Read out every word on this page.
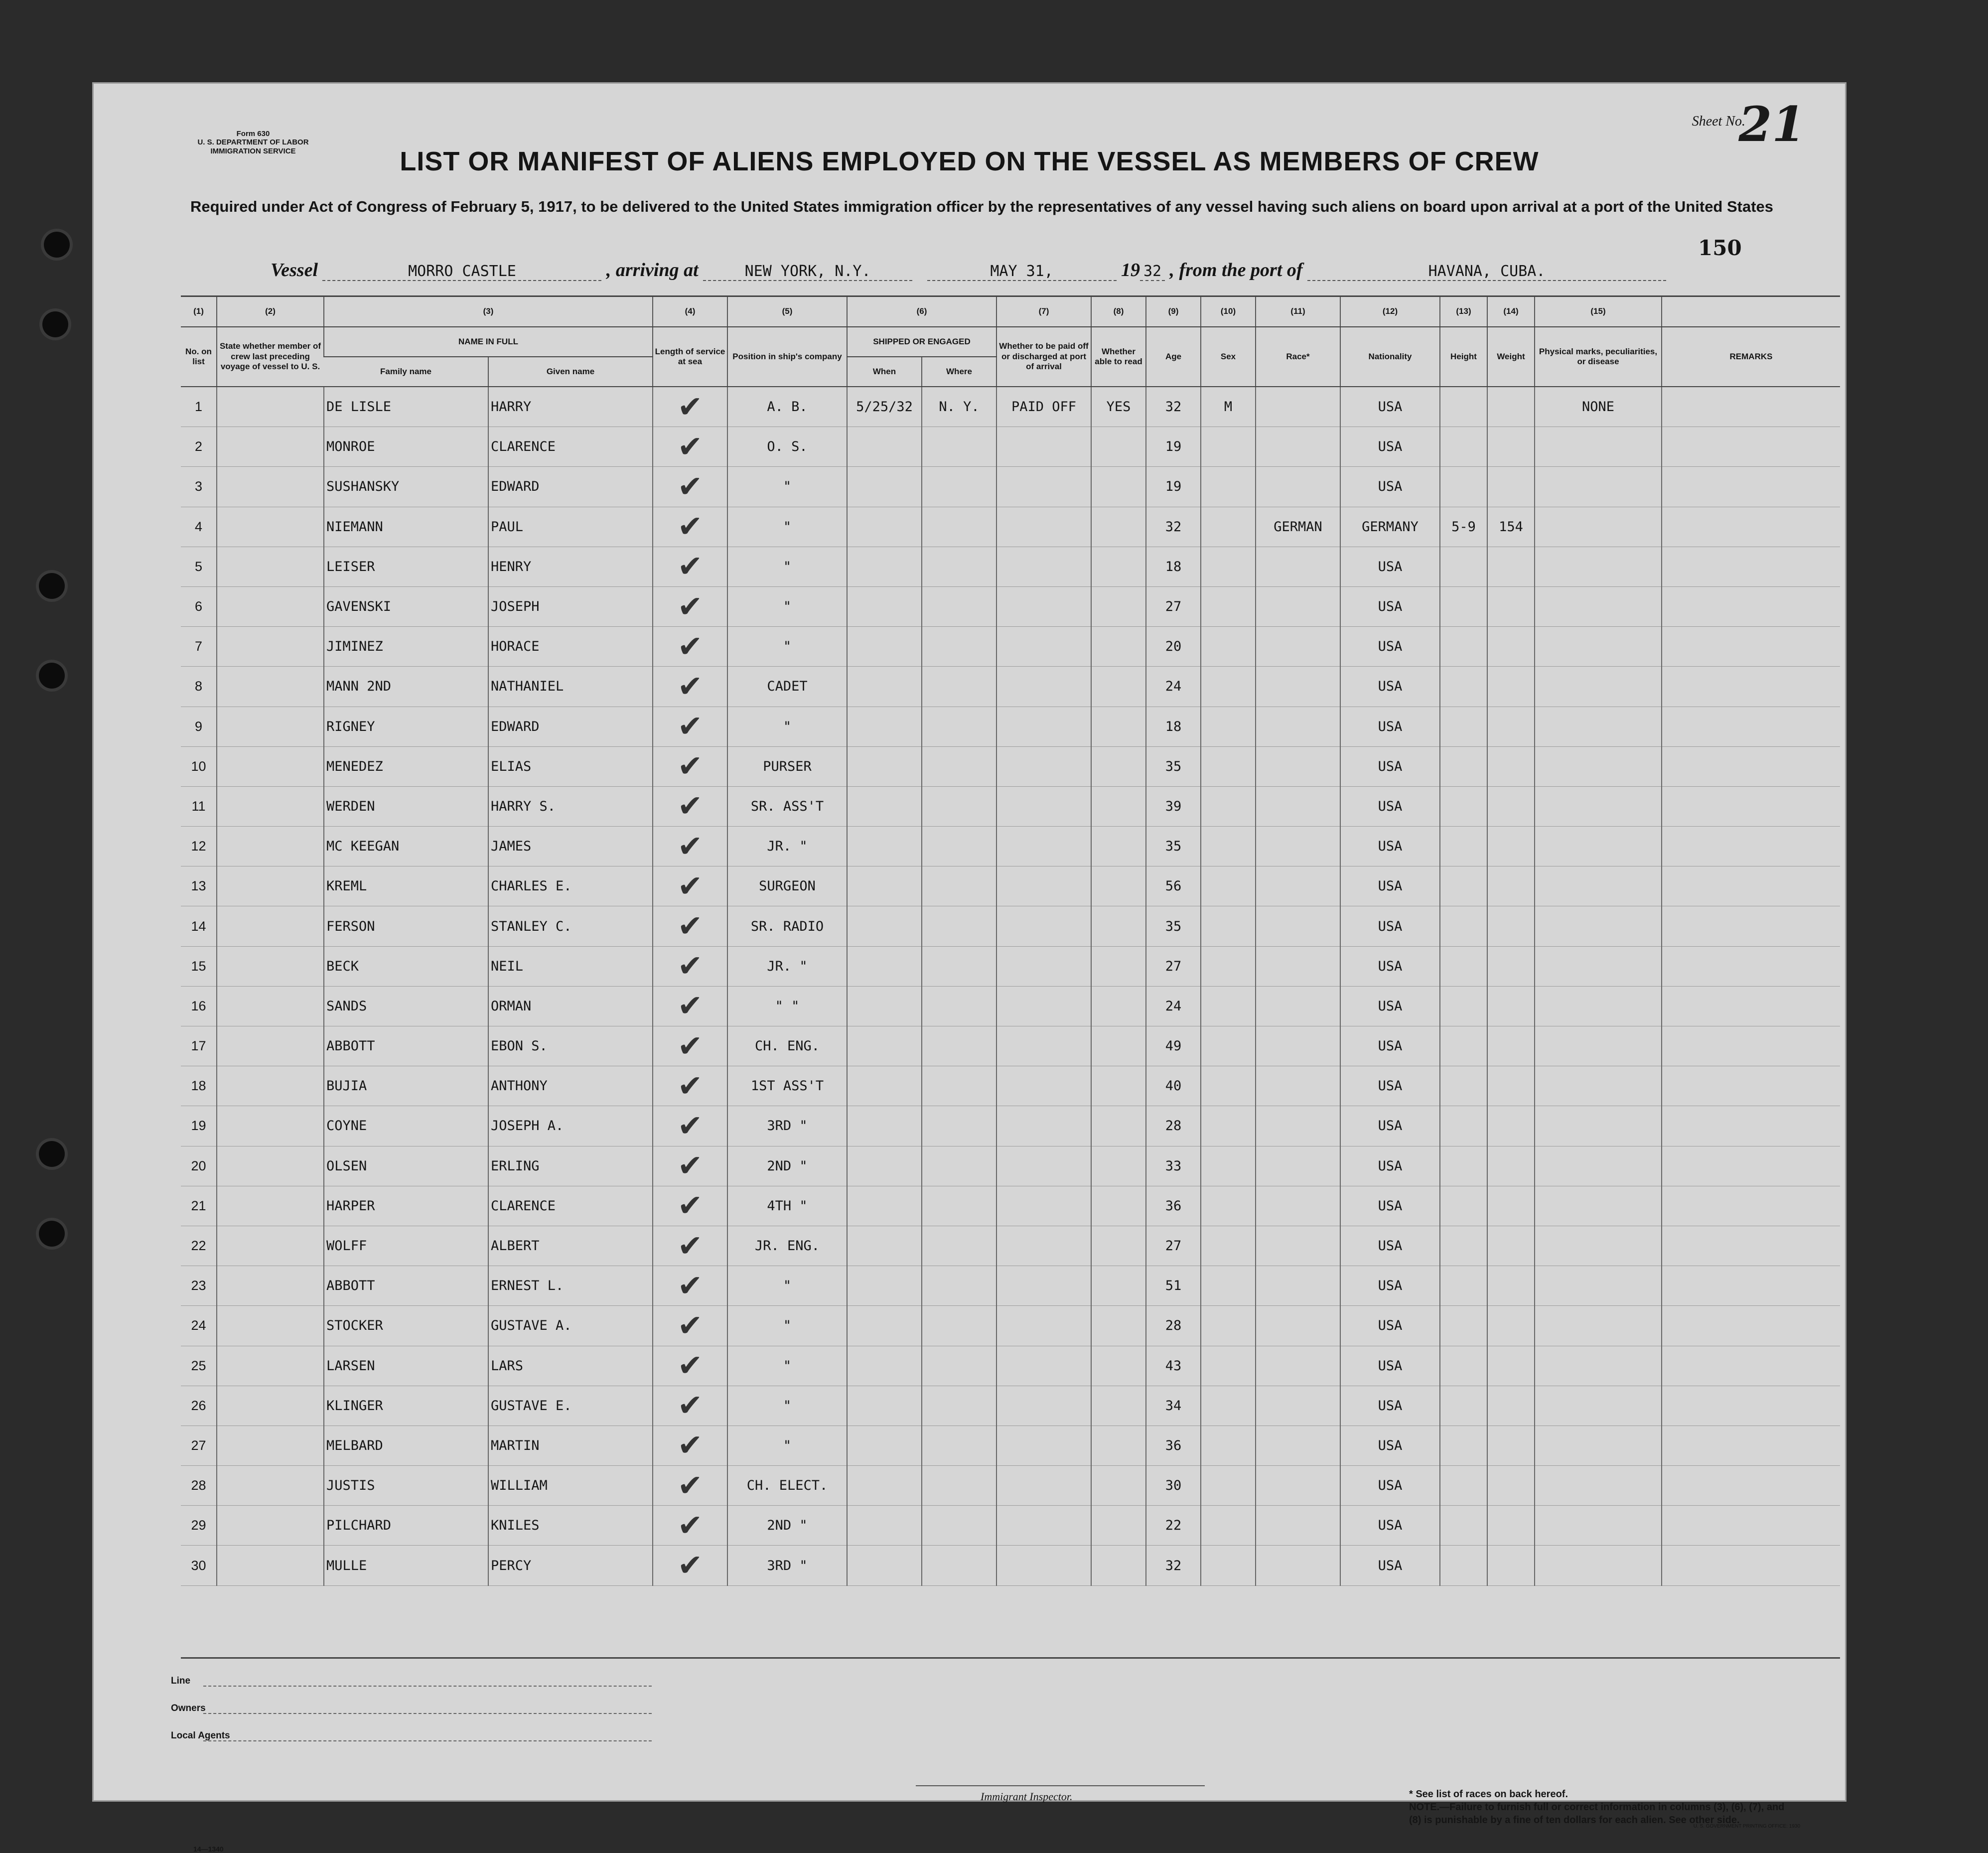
Form 630
U. S. DEPARTMENT OF LABOR
IMMIGRATION SERVICE
Sheet No.
21
LIST OR MANIFEST OF ALIENS EMPLOYED ON THE VESSEL AS MEMBERS OF CREW
Required under Act of Congress of February 5, 1917, to be delivered to the United States immigration officer by the representatives of any vessel having such aliens on board upon arrival at a port of the United States
150
Vessel	MORRO CASTLE	, arriving at	NEW YORK, N.Y.	MAY 31,	19 32 , from the port of	HAVANA, CUBA.
(1)	(2)	(3)		(4)	(5)	(6)		(7)	(8)	(9)	(10)	(11)	(12)	(13)	(14)	(15)	
No. on list	State whether member of crew last preceding voyage of vessel to U. S.	NAME IN FULL		Length of service at sea	Position in ship's company	SHIPPED OR ENGAGED		Whether to be paid off or discharged at port of arrival	Whether able to read	Age	Sex	Race*	Nationality	Height	Weight	Physical marks, peculiarities, or disease	REMARKS
		Family name	Given name			When	Where										
1		DE LISLE	HARRY	✔	A. B.	5/25/32	N. Y.	PAID OFF	YES	32	M		USA			NONE	
2		MONROE	CLARENCE	✔	O. S.					19			USA				
3		SUSHANSKY	EDWARD	✔	"					19			USA				
4		NIEMANN	PAUL	✔	"					32		GERMAN	GERMANY	5-9	154		
5		LEISER	HENRY	✔	"					18			USA				
6		GAVENSKI	JOSEPH	✔	"					27			USA				
7		JIMINEZ	HORACE	✔	"					20			USA				
8		MANN 2ND	NATHANIEL	✔	CADET					24			USA				
9		RIGNEY	EDWARD	✔	"					18			USA				
10		MENEDEZ	ELIAS	✔	PURSER					35			USA				
11		WERDEN	HARRY S.	✔	SR. ASS'T					39			USA				
12		MC KEEGAN	JAMES	✔	JR. "					35			USA				
13		KREML	CHARLES E.	✔	SURGEON					56			USA				
14		FERSON	STANLEY C.	✔	SR. RADIO					35			USA				
15		BECK	NEIL	✔	JR. "					27			USA				
16		SANDS	ORMAN	✔	" "					24			USA				
17		ABBOTT	EBON S.	✔	CH. ENG.					49			USA				
18		BUJIA	ANTHONY	✔	1ST ASS'T					40			USA				
19		COYNE	JOSEPH A.	✔	3RD "					28			USA				
20		OLSEN	ERLING	✔	2ND "					33			USA				
21		HARPER	CLARENCE	✔	4TH "					36			USA				
22		WOLFF	ALBERT	✔	JR. ENG.					27			USA				
23		ABBOTT	ERNEST L.	✔	"					51			USA				
24		STOCKER	GUSTAVE A.	✔	"					28			USA				
25		LARSEN	LARS	✔	"					43			USA				
26		KLINGER	GUSTAVE E.	✔	"					34			USA				
27		MELBARD	MARTIN	✔	"					36			USA				
28		JUSTIS	WILLIAM	✔	CH. ELECT.					30			USA				
29		PILCHARD	KNILES	✔	2ND "					22			USA				
30		MULLE	PERCY	✔	3RD "					32			USA				
Line
Owners
Local Agents
Immigrant Inspector.	* See list of races on back hereof.
NOTE.—Failure to furnish full or correct information in columns (3), (6), (7), and (8) is punishable by a fine of ten dollars for each alien. See other side.
U. S. GOVERNMENT PRINTING OFFICE: 1930
14—1340
